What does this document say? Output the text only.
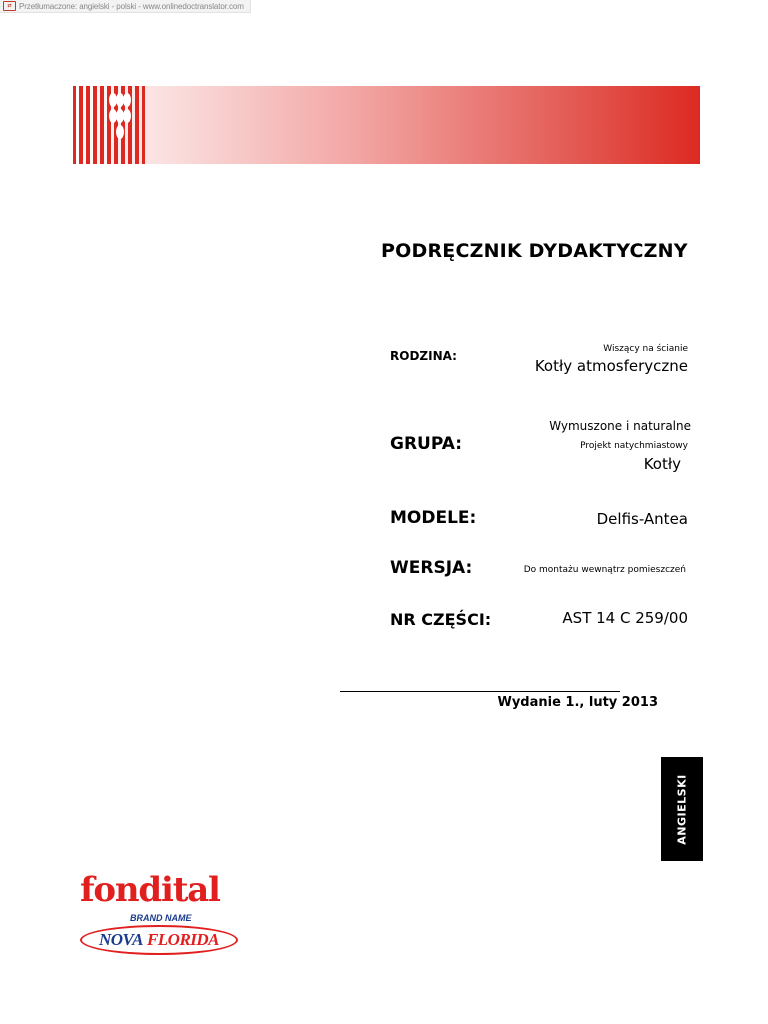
⇄ Przetłumaczone: angielski - polski - www.onlinedoctranslator.com
PODRĘCZNIK DYDAKTYCZNY
RODZINA:	Wiszący na ścianie
Kotły atmosferyczne
GRUPA:
Wymuszone i naturalne
Projekt natychmiastowy
Kotły
MODELE:	Delfis-Antea
WERSJA:	Do montażu wewnątrz pomieszczeń
NR CZĘŚCI:	AST 14 C 259/00
Wydanie 1., luty 2013
ANGIELSKI
fondital
BRAND NAME
NOVA FLORIDA
